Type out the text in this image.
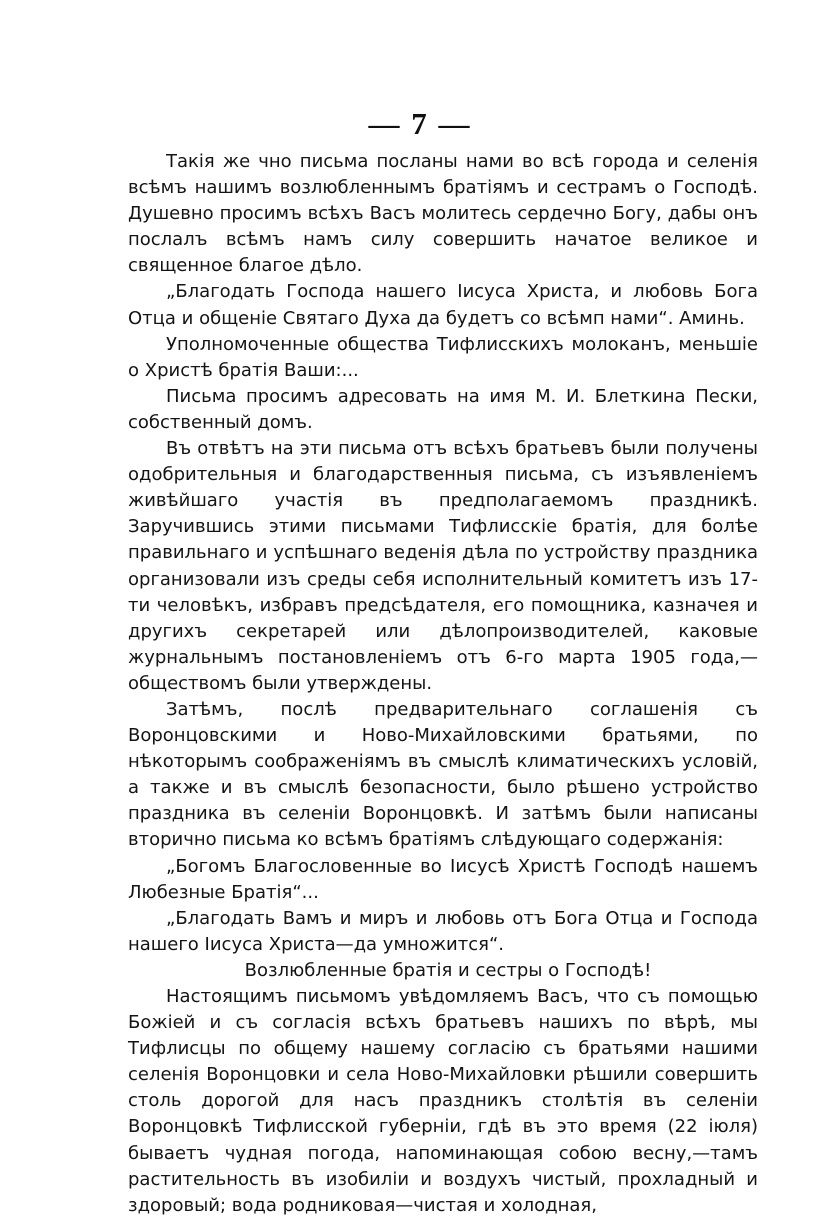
— 7 —

Такія же чно письма посланы нами во всѣ города и селенія всѣмъ нашимъ возлюбленнымъ братіямъ и сестрамъ о Господѣ. Душевно просимъ всѣхъ Васъ молитесь сердечно Богу, дабы онъ послалъ всѣмъ намъ силу совершить начатое великое и священное благое дѣло.

„Благодать Господа нашего Іисуса Христа, и любовь Бога Отца и общеніе Святаго Духа да будетъ со всѣмп нами“. Аминь.

Уполномоченные общества Тифлисскихъ молоканъ, меньшіе о Христѣ братія Ваши:...

Письма просимъ адресовать на имя М. И. Блеткина Пески, собственный домъ.

Въ отвѣтъ на эти письма отъ всѣхъ братьевъ были получены одобрительныя и благодарственныя письма, съ изъявленіемъ живѣйшаго участія въ предполагаемомъ праздникѣ. Заручившись этими письмами Тифлисскіе братія, для болѣе правильнаго и успѣшнаго веденія дѣла по устройству праздника организовали изъ среды себя исполнительный комитетъ изъ 17-ти человѣкъ, избравъ предсѣдателя, его помощника, казначея и другихъ секретарей или дѣлопроизводителей, каковые журнальнымъ постановленіемъ отъ 6-го марта 1905 года,—обществомъ были утверждены.

Затѣмъ, послѣ предварительнаго соглашенія съ Воронцовскими и Ново-Михайловскими братьями, по нѣкоторымъ соображеніямъ въ смыслѣ климатическихъ условій, а также и въ смыслѣ безопасности, было рѣшено устройство праздника въ селеніи Воронцовкѣ. И затѣмъ были написаны вторично письма ко всѣмъ братіямъ слѣдующаго содержанія:

„Богомъ Благословенные во Іисусѣ Христѣ Господѣ нашемъ Любезные Братія“...

„Благодать Вамъ и миръ и любовь отъ Бога Отца и Господа нашего Іисуса Христа—да умножится“.

Возлюбленные братія и сестры о Господѣ!

Настоящимъ письмомъ увѣдомляемъ Васъ, что съ помощью Божіей и съ согласія всѣхъ братьевъ нашихъ по вѣрѣ, мы Тифлисцы по общему нашему согласію съ братьями нашими селенія Воронцовки и села Ново-Михайловки рѣшили совершить столь дорогой для насъ праздникъ столѣтія въ селеніи Воронцовкѣ Тифлисской губерніи, гдѣ въ это время (22 іюля) бываетъ чудная погода, напоминающая собою весну,—тамъ растительность въ изобиліи и воздухъ чистый, прохладный и здоровый; вода родниковая—чистая и холодная,
